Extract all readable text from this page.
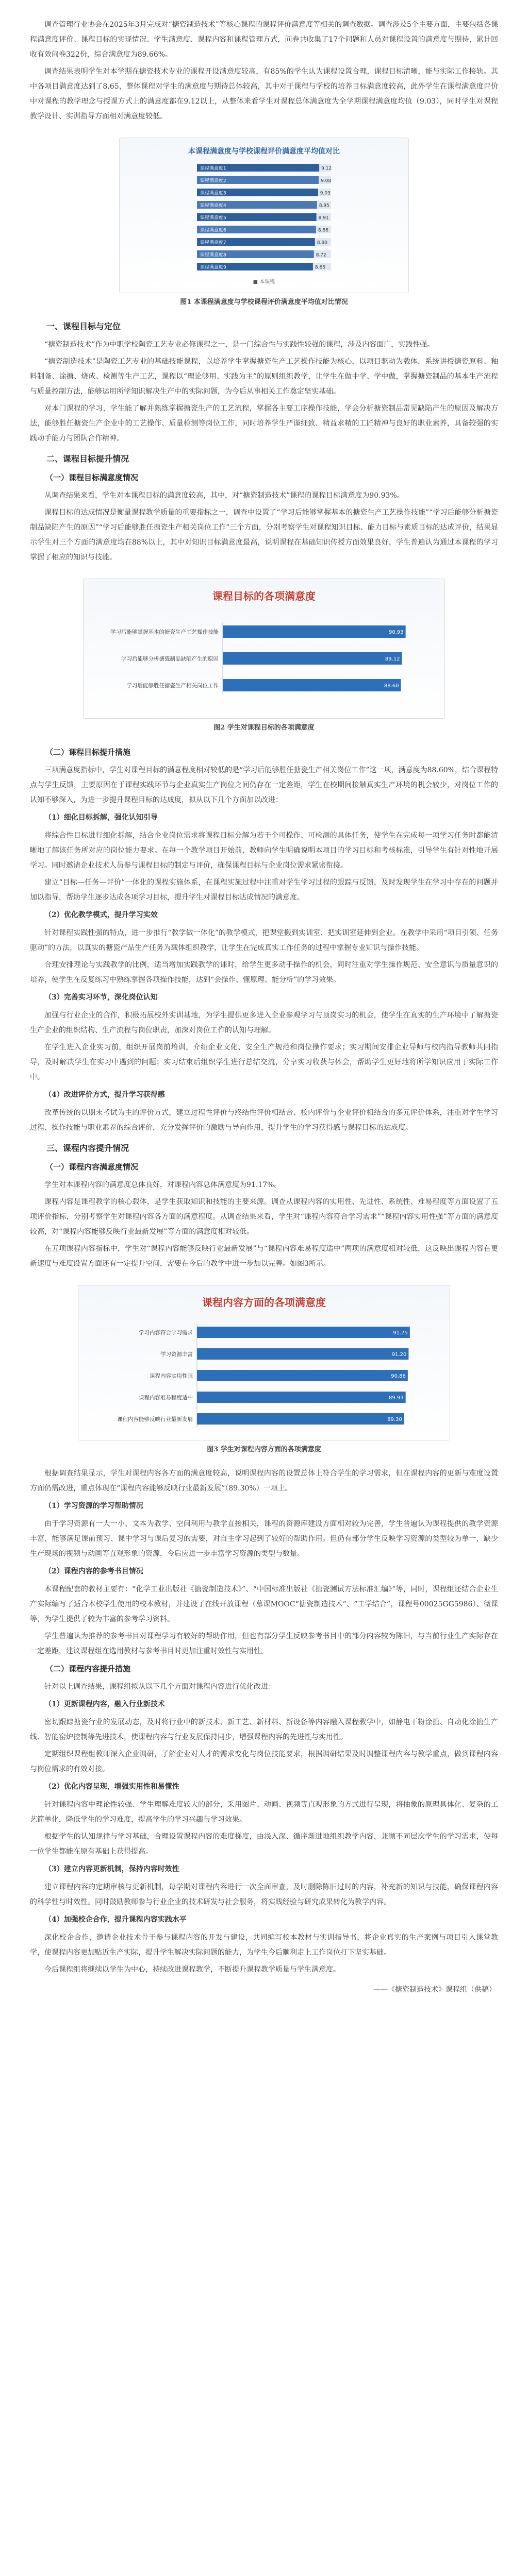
调查管理行业协会在2025年3月完成对“搪瓷制造技术”等核心课程的课程评价满意度等相关的调查数据。调查涉及5个主要方面，主要包括各课程满意度评价、课程目标的实现情况、学生满意度、课程内容和课程管理方式，问卷共收集了17个问题和人员对课程设置的满意度与期待，累计回收有效问卷322份，综合满意度为89.66%。

调查结果表明学生对本学期在搪瓷技术专业的课程开设满意度较高，有85%的学生认为课程设置合理，课程目标清晰，能与实际工作接轨。其中各项目满意度达到了8.65，整体课程对学生的满意度与期待总体较高，其中对于课程与学校的培养目标满意度较高，此外学生在课程满意度评价中对课程的教学理念与授课方式上的满意度都在9.12以上，从整体来看学生对课程总体满意度为全学期课程满意度均值（9.03），同时学生对课程教学设计、实训指导方面相对满意度较低。

本课程满意度与学校课程评价满意度平均值对比
课程满意度1	9.12
课程满意度2	9.08
课程满意度3	9.03
课程满意度4	8.95
课程满意度5	8.91
课程满意度6	8.88
课程满意度7	8.80
课程满意度8	8.72
课程满意度9	8.65
■ 本课程
图1 本课程满意度与学校课程评价满意度平均值对比情况
一、课程目标与定位

“搪瓷制造技术”作为中职学校陶瓷工艺专业必修课程之一，是一门综合性与实践性较强的课程，涉及内容面广，实践性强。

“搪瓷制造技术”是陶瓷工艺专业的基础技能课程，以培养学生掌握搪瓷生产工艺操作技能为核心，以项目驱动为载体，系统讲授搪瓷原料、釉料制备、涂搪、烧成、检测等生产工艺，课程以“理论够用、实践为主”的原则组织教学，让学生在做中学、学中做，掌握搪瓷制品的基本生产流程与质量控制方法，能够运用所学知识解决生产中的实际问题，为今后从事相关工作奠定坚实基础。

对本门课程的学习，学生能了解并熟练掌握搪瓷生产的工艺流程，掌握各主要工序操作技能，学会分析搪瓷制品常见缺陷产生的原因及解决方法，能够胜任搪瓷生产企业中的工艺操作、质量检测等岗位工作，同时培养学生严谨细致、精益求精的工匠精神与良好的职业素养，具备较强的实践动手能力与团队合作精神。

二、课程目标提升情况
（一）课程目标满意度情况

从调查结果来看，学生对本课程目标的满意度较高，其中，对“搪瓷制造技术”课程的课程目标满意度为90.93%。

课程目标的达成情况是衡量课程教学质量的重要指标之一，调查中设置了“学习后能够掌握基本的搪瓷生产工艺操作技能”“学习后能够分析搪瓷制品缺陷产生的原因”“学习后能够胜任搪瓷生产相关岗位工作”三个方面，分别考察学生对课程知识目标、能力目标与素质目标的达成评价，结果显示学生对三个方面的满意度均在88%以上，其中对知识目标满意度最高，说明课程在基础知识传授方面效果良好，学生普遍认为通过本课程的学习掌握了相应的知识与技能。

课程目标的各项满意度
学习后能够掌握基本的搪瓷生产工艺操作技能	90.93
学习后能够分析搪瓷制品缺陷产生的原因	89.12
学习后能够胜任搪瓷生产相关岗位工作	88.60
图2 学生对课程目标的各项满意度
（二）课程目标提升措施

三项满意度指标中，学生对课程目标的满意程度相对较低的是“学习后能够胜任搪瓷生产相关岗位工作”这一项，满意度为88.60%，结合课程特点与学生反馈，主要原因在于课程实践环节与企业真实生产岗位之间仍存在一定差距，学生在校期间接触真实生产环境的机会较少，对岗位工作的认知不够深入，为进一步提升课程目标的达成度，拟从以下几个方面加以改进：

（1）细化目标拆解，强化认知引导

将综合性目标进行细化拆解，结合企业岗位需求将课程目标分解为若干个可操作、可检测的具体任务，使学生在完成每一项学习任务时都能清晰地了解该任务所对应的岗位能力要求。在每一个教学项目开始前，教师向学生明确说明本项目的学习目标和考核标准，引导学生有针对性地开展学习。同时邀请企业技术人员参与课程目标的制定与评价，确保课程目标与企业岗位需求紧密衔接。

建立“目标—任务—评价”一体化的课程实施体系，在课程实施过程中注重对学生学习过程的跟踪与反馈，及时发现学生在学习中存在的问题并加以指导，帮助学生逐步达成各项学习目标，提升学生对课程目标达成情况的满意度。

（2）优化教学模式，提升学习实效

针对课程实践性强的特点，进一步推行“教学做一体化”的教学模式，把课堂搬到实训室、把实训室延伸到企业。在教学中采用“项目引领、任务驱动”的方法，以真实的搪瓷产品生产任务为载体组织教学，让学生在完成真实工作任务的过程中掌握专业知识与操作技能。

合理安排理论与实践教学的比例，适当增加实践教学的课时，给学生更多动手操作的机会，同时注重对学生操作规范、安全意识与质量意识的培养，使学生在反复练习中熟练掌握各项操作技能，达到“会操作、懂原理、能分析”的学习效果。

（3）完善实习环节，深化岗位认知

加强与行业企业的合作，积极拓展校外实训基地，为学生提供更多进入企业参观学习与顶岗实习的机会，使学生在真实的生产环境中了解搪瓷生产企业的组织结构、生产流程与岗位职责，加深对岗位工作的认知与理解。

在学生进入企业实习前，组织开展岗前培训，介绍企业文化、安全生产规范和岗位操作要求；实习期间安排企业导师与校内指导教师共同指导，及时解决学生在实习中遇到的问题；实习结束后组织学生进行总结交流，分享实习收获与体会，帮助学生更好地将所学知识应用于实际工作中。

（4）改进评价方式，提升学习获得感

改革传统的以期末考试为主的评价方式，建立过程性评价与终结性评价相结合、校内评价与企业评价相结合的多元评价体系，注重对学生学习过程、操作技能与职业素养的综合评价，充分发挥评价的激励与导向作用，提升学生的学习获得感与课程目标的达成度。

三、课程内容提升情况
（一）课程内容满意度情况

学生对本课程内容的满意度总体良好，对课程内容总体满意度为91.17%。

课程内容是课程教学的核心载体，是学生获取知识和技能的主要来源。调查从课程内容的实用性、先进性、系统性、难易程度等方面设置了五项评价指标，分别考察学生对课程内容各方面的满意程度。从调查结果来看，学生对“课程内容符合学习需求”“课程内容实用性强”等方面的满意度较高，对“课程内容能够反映行业最新发展”等方面的满意度相对较低。

在五项课程内容指标中，学生对“课程内容能够反映行业最新发展”与“课程内容难易程度适中”两项的满意度相对较低，这反映出课程内容在更新速度与难度设置方面还有一定提升空间，需要在今后的教学中进一步加以完善。如图3所示。

课程内容方面的各项满意度
学习内容符合学习需求	91.75
学习资源丰富	91.20
课程内容实用性强	90.86
课程内容难易程度适中	89.93
课程内容能够反映行业最新发展	89.30
图3 学生对课程内容方面的各项满意度

根据调查结果显示，学生对课程内容各方面的满意度较高，说明课程内容的设置总体上符合学生的学习需求，但在课程内容的更新与难度设置方面仍需改进，重点体现在“课程内容能够反映行业最新发展”（89.30%）一项上。

（1）学习资源的学习帮助情况

由于学习资源有一大一小、文本为教学、空间利用与教学直接相关，课程的资源库建设方面相对较为完善，学生普遍认为课程提供的教学资源丰富，能够满足课前预习、课中学习与课后复习的需要，对自主学习起到了较好的帮助作用。但仍有部分学生反映学习资源的类型较为单一，缺少生产现场的视频与动画等直观形象的资源，今后应进一步丰富学习资源的类型与数量。

（2）课程内容的参考书目情况

本课程配套的教材主要有：“化学工业出版社《搪瓷制造技术》”、“中国标准出版社《搪瓷测试方法标准汇编》”等，同时，课程组还结合企业生产实际编写了适合本校学生使用的校本教材，并建设了在线开放课程（慕课MOOC“搪瓷制造技术”、“工学结合”，课程号00025GG5986）、微课等，为学生提供了较为丰富的参考学习资料。

学生普遍认为推荐的参考书目对课程学习有较好的帮助作用，但也有部分学生反映参考书目中的部分内容较为陈旧，与当前行业生产实际存在一定差距，建议课程组在选用教材与参考书目时更加注重时效性与实用性。

（二）课程内容提升措施

针对以上调查结果，课程组拟从以下几个方面对课程内容进行优化改进：

（1）更新课程内容，融入行业新技术

密切跟踪搪瓷行业的发展动态，及时将行业中的新技术、新工艺、新材料、新设备等内容融入课程教学中，如静电干粉涂搪、自动化涂搪生产线、智能窑炉控制等先进技术，使课程内容与行业发展保持同步，增强课程内容的先进性与实用性。

定期组织课程组教师深入企业调研，了解企业对人才的需求变化与岗位技能要求，根据调研结果及时调整课程内容与教学重点，做到课程内容与岗位需求的有效对接。

（2）优化内容呈现，增强实用性和易懂性

针对课程内容中理论性较强、学生理解难度较大的部分，采用图片、动画、视频等直观形象的方式进行呈现，将抽象的原理具体化、复杂的工艺简单化，降低学生的学习难度，提高学生的学习兴趣与学习效果。

根据学生的认知规律与学习基础，合理设置课程内容的难度梯度，由浅入深、循序渐进地组织教学内容，兼顾不同层次学生的学习需求，使每一位学生都能在原有基础上获得提高。

（3）建立内容更新机制，保持内容时效性

建立课程内容的定期审核与更新机制，每学期对课程内容进行一次全面审查，及时删除陈旧过时的内容，补充新的知识与技能，确保课程内容的科学性与时效性。同时鼓励教师参与行业企业的技术研发与社会服务，将实践经验与研究成果转化为教学内容。

（4）加强校企合作，提升课程内容实践水平

深化校企合作，邀请企业技术骨干参与课程内容的开发与建设，共同编写校本教材与实训指导书，将企业真实的生产案例与项目引入课堂教学，使课程内容更加贴近生产实际，提升学生解决实际问题的能力，为学生今后顺利走上工作岗位打下坚实基础。

今后课程组将继续以学生为中心，持续改进课程教学，不断提升课程教学质量与学生满意度。

——《搪瓷制造技术》课程组（供稿）
